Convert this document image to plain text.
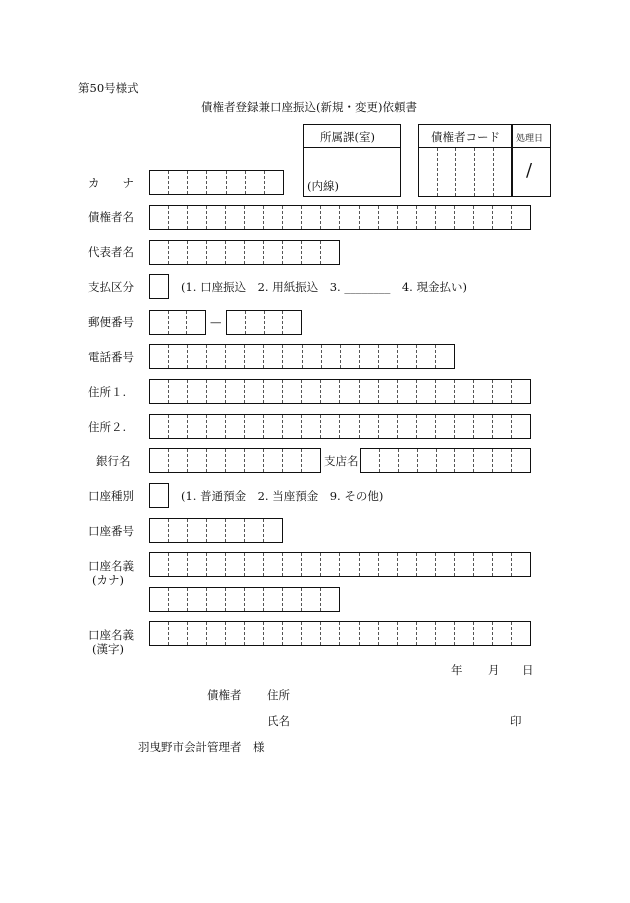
第50号様式
債権者登録兼口座振込(新規・変更)依頼書
所属課(室)
(内線)
債権者コード 処理日
/
カ　　ナ
債権者名
代表者名
支払区分	(1. 口座振込　2. 用紙振込　3. ________　4. 現金払い)
郵便番号	—
電話番号
住所１.
住所２.
銀行名	支店名
口座種別	(1. 普通預金　2. 当座預金　9. その他)
口座番号
口座名義
(カナ)
口座名義
(漢字)
年 月 日
債権者 住所
氏名	印
羽曳野市会計管理者　様
